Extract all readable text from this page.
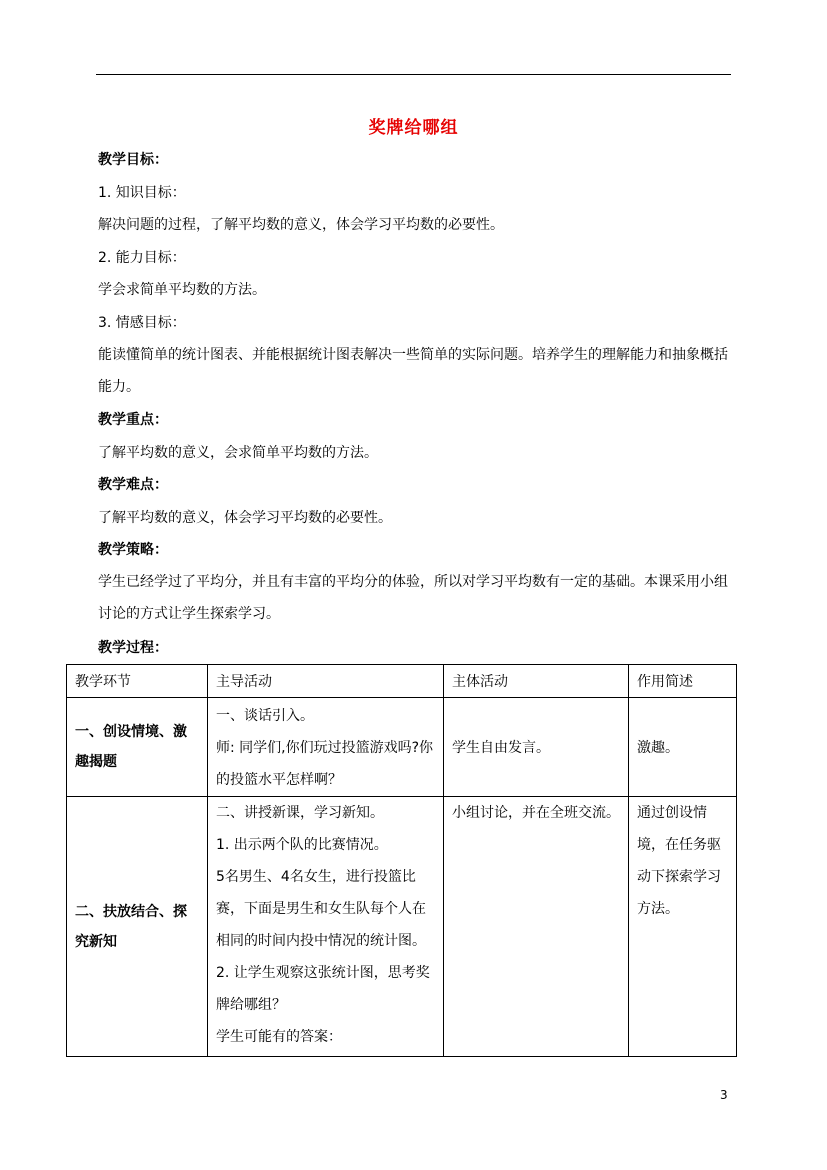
奖牌给哪组
教学目标：
1. 知识目标：
解决问题的过程，了解平均数的意义，体会学习平均数的必要性。
2. 能力目标：
学会求简单平均数的方法。
3. 情感目标：
能读懂简单的统计图表、并能根据统计图表解决一些简单的实际问题。培养学生的理解能力和抽象概括能力。
教学重点：
了解平均数的意义，会求简单平均数的方法。
教学难点：
了解平均数的意义，体会学习平均数的必要性。
教学策略：
学生已经学过了平均分，并且有丰富的平均分的体验，所以对学习平均数有一定的基础。本课采用小组讨论的方式让学生探索学习。
教学过程：
教学环节	主导活动	主体活动	作用简述
一、创设情境、激趣揭题	一、谈话引入。
师: 同学们,你们玩过投篮游戏吗?你的投篮水平怎样啊？	学生自由发言。	激趣。
二、扶放结合、探究新知	二、讲授新课，学习新知。
1. 出示两个队的比赛情况。
5名男生、4名女生，进行投篮比赛，下面是男生和女生队每个人在相同的时间内投中情况的统计图。
2. 让学生观察这张统计图，思考奖牌给哪组？
学生可能有的答案：	小组讨论，并在全班交流。	通过创设情境，在任务驱动下探索学习方法。
3
